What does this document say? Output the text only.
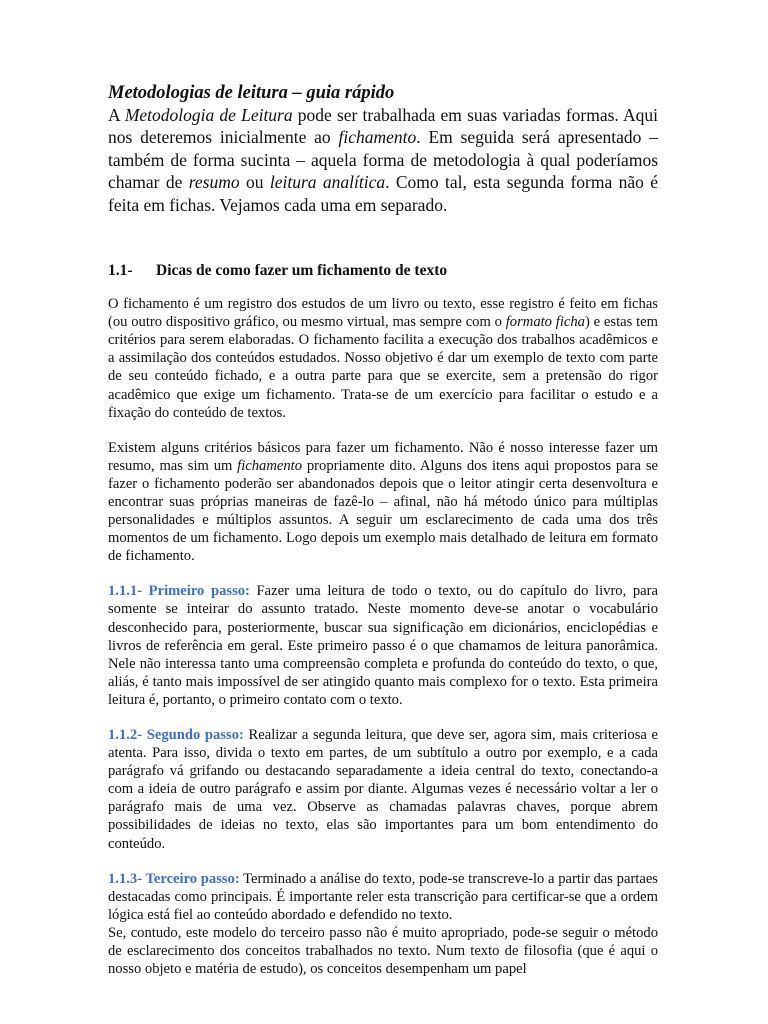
Metodologias de leitura – guia rápido

A Metodologia de Leitura pode ser trabalhada em suas variadas formas. Aqui nos deteremos inicialmente ao fichamento. Em seguida será apresentado – também de forma sucinta – aquela forma de metodologia à qual poderíamos chamar de resumo ou leitura analítica. Como tal, esta segunda forma não é feita em fichas. Vejamos cada uma em separado.

1.1-	Dicas de como fazer um fichamento de texto

O fichamento é um registro dos estudos de um livro ou texto, esse registro é feito em fichas (ou outro dispositivo gráfico, ou mesmo virtual, mas sempre com o formato ficha) e estas tem critérios para serem elaboradas. O fichamento facilita a execução dos trabalhos acadêmicos e a assimilação dos conteúdos estudados. Nosso objetivo é dar um exemplo de texto com parte de seu conteúdo fichado, e a outra parte para que se exercite, sem a pretensão do rigor acadêmico que exige um fichamento. Trata-se de um exercício para facilitar o estudo e a fixação do conteúdo de textos.

Existem alguns critérios básicos para fazer um fichamento. Não é nosso interesse fazer um resumo, mas sim um fichamento propriamente dito. Alguns dos itens aqui propostos para se fazer o fichamento poderão ser abandonados depois que o leitor atingir certa desenvoltura e encontrar suas próprias maneiras de fazê-lo – afinal, não há método único para múltiplas personalidades e múltiplos assuntos. A seguir um esclarecimento de cada uma dos três momentos de um fichamento. Logo depois um exemplo mais detalhado de leitura em formato de fichamento.

1.1.1- Primeiro passo: Fazer uma leitura de todo o texto, ou do capítulo do livro, para somente se inteirar do assunto tratado. Neste momento deve-se anotar o vocabulário desconhecido para, posteriormente, buscar sua significação em dicionários, enciclopédias e livros de referência em geral. Este primeiro passo é o que chamamos de leitura panorâmica. Nele não interessa tanto uma compreensão completa e profunda do conteúdo do texto, o que, aliás, é tanto mais impossível de ser atingido quanto mais complexo for o texto. Esta primeira leitura é, portanto, o primeiro contato com o texto.

1.1.2- Segundo passo: Realizar a segunda leitura, que deve ser, agora sim, mais criteriosa e atenta. Para isso, divida o texto em partes, de um subtítulo a outro por exemplo, e a cada parágrafo vá grifando ou destacando separadamente a ideia central do texto, conectando-a com a ideia de outro parágrafo e assim por diante. Algumas vezes é necessário voltar a ler o parágrafo mais de uma vez. Observe as chamadas palavras chaves, porque abrem possibilidades de ideias no texto, elas são importantes para um bom entendimento do conteúdo.

1.1.3- Terceiro passo: Terminado a análise do texto, pode-se transcreve-lo a partir das partaes destacadas como principais. É importante reler esta transcrição para certificar-se que a ordem lógica está fiel ao conteúdo abordado e defendido no texto.

Se, contudo, este modelo do terceiro passo não é muito apropriado, pode-se seguir o método de esclarecimento dos conceitos trabalhados no texto. Num texto de filosofia (que é aqui o nosso objeto e matéria de estudo), os conceitos desempenham um papel
